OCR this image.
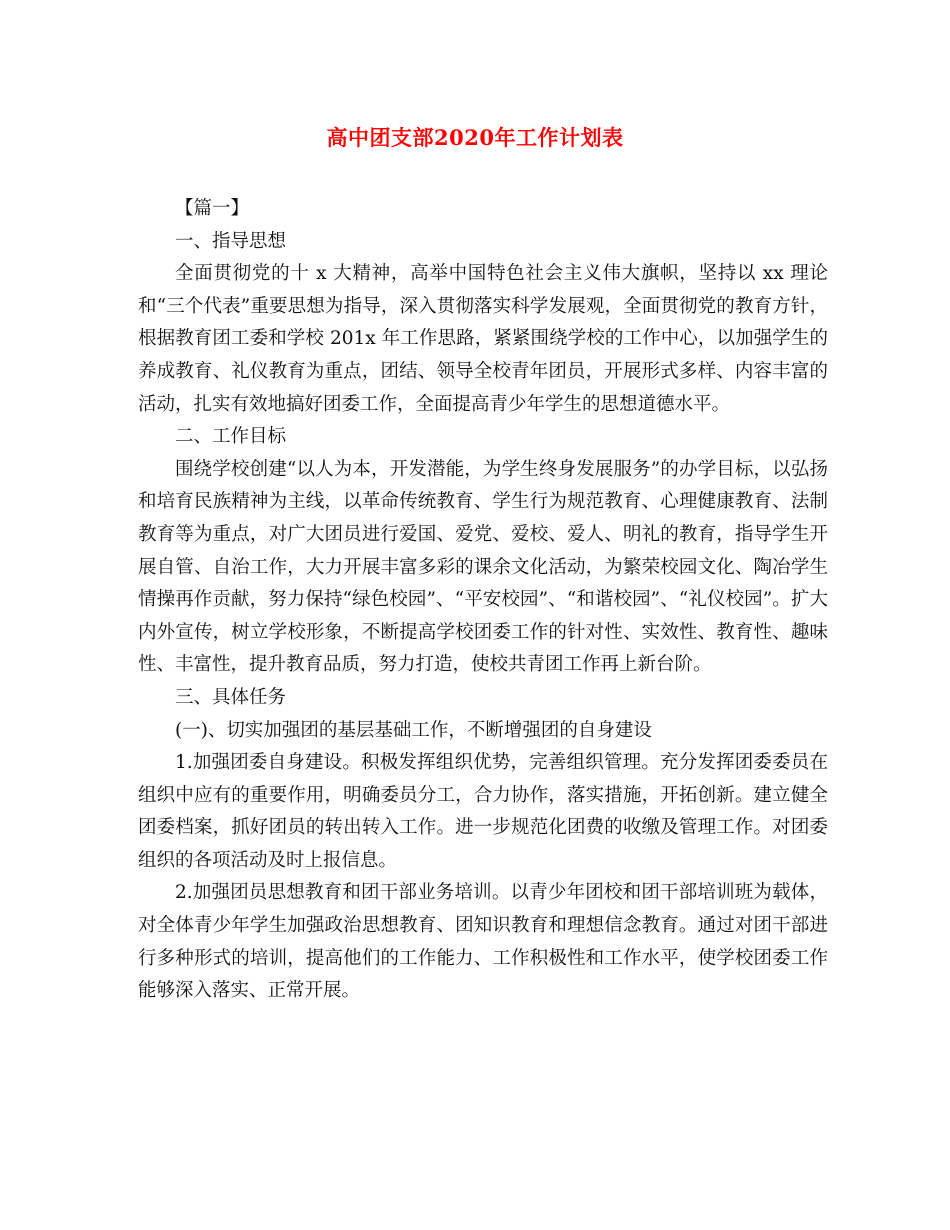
高中团支部2020年工作计划表

【篇一】

一、指导思想

全面贯彻党的十 x 大精神，高举中国特色社会主义伟大旗帜，坚持以 xx 理论和“三个代表”重要思想为指导，深入贯彻落实科学发展观，全面贯彻党的教育方针，根据教育团工委和学校 201x 年工作思路，紧紧围绕学校的工作中心，以加强学生的养成教育、礼仪教育为重点，团结、领导全校青年团员，开展形式多样、内容丰富的活动，扎实有效地搞好团委工作，全面提高青少年学生的思想道德水平。

二、工作目标

围绕学校创建“以人为本，开发潜能，为学生终身发展服务”的办学目标，以弘扬和培育民族精神为主线，以革命传统教育、学生行为规范教育、心理健康教育、法制教育等为重点，对广大团员进行爱国、爱党、爱校、爱人、明礼的教育，指导学生开展自管、自治工作，大力开展丰富多彩的课余文化活动，为繁荣校园文化、陶冶学生情操再作贡献，努力保持“绿色校园”、“平安校园”、“和谐校园”、“礼仪校园”。扩大内外宣传，树立学校形象，不断提高学校团委工作的针对性、实效性、教育性、趣味性、丰富性，提升教育品质，努力打造，使校共青团工作再上新台阶。

三、具体任务

(一)、切实加强团的基层基础工作，不断增强团的自身建设

1.加强团委自身建设。积极发挥组织优势，完善组织管理。充分发挥团委委员在组织中应有的重要作用，明确委员分工，合力协作，落实措施，开拓创新。建立健全团委档案，抓好团员的转出转入工作。进一步规范化团费的收缴及管理工作。对团委组织的各项活动及时上报信息。

2.加强团员思想教育和团干部业务培训。以青少年团校和团干部培训班为载体，对全体青少年学生加强政治思想教育、团知识教育和理想信念教育。通过对团干部进行多种形式的培训，提高他们的工作能力、工作积极性和工作水平，使学校团委工作能够深入落实、正常开展。
